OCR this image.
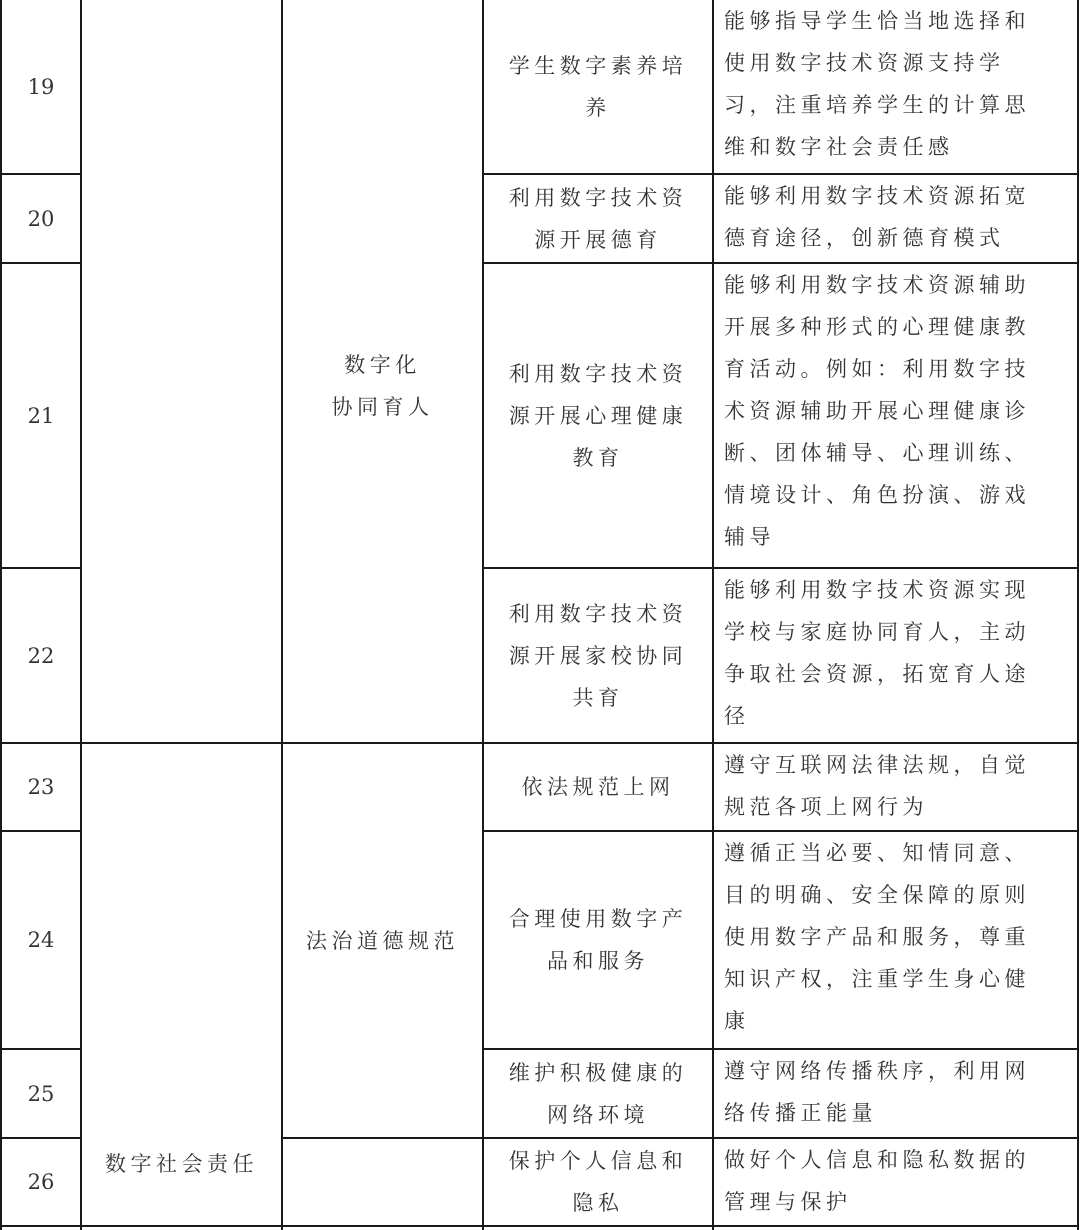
19
学生数字素养培
养
能够指导学生恰当地选择和
使用数字技术资源支持学
习，注重培养学生的计算思
维和数字社会责任感
20
利用数字技术资
源开展德育
能够利用数字技术资源拓宽
德育途径，创新德育模式
21
利用数字技术资
源开展心理健康
教育
能够利用数字技术资源辅助
开展多种形式的心理健康教
育活动。例如：利用数字技
术资源辅助开展心理健康诊
断、团体辅导、心理训练、
情境设计、角色扮演、游戏
辅导
22
利用数字技术资
源开展家校协同
共育
能够利用数字技术资源实现
学校与家庭协同育人，主动
争取社会资源，拓宽育人途
径
数字化
协同育人
23	依法规范上网
遵守互联网法律法规，自觉
规范各项上网行为
24
合理使用数字产
品和服务
遵循正当必要、知情同意、
目的明确、安全保障的原则
使用数字产品和服务，尊重
知识产权，注重学生身心健
康
25
维护积极健康的
网络环境
遵守网络传播秩序，利用网
络传播正能量
法治道德规范
26
保护个人信息和
隐私
做好个人信息和隐私数据的
管理与保护
数字社会责任
